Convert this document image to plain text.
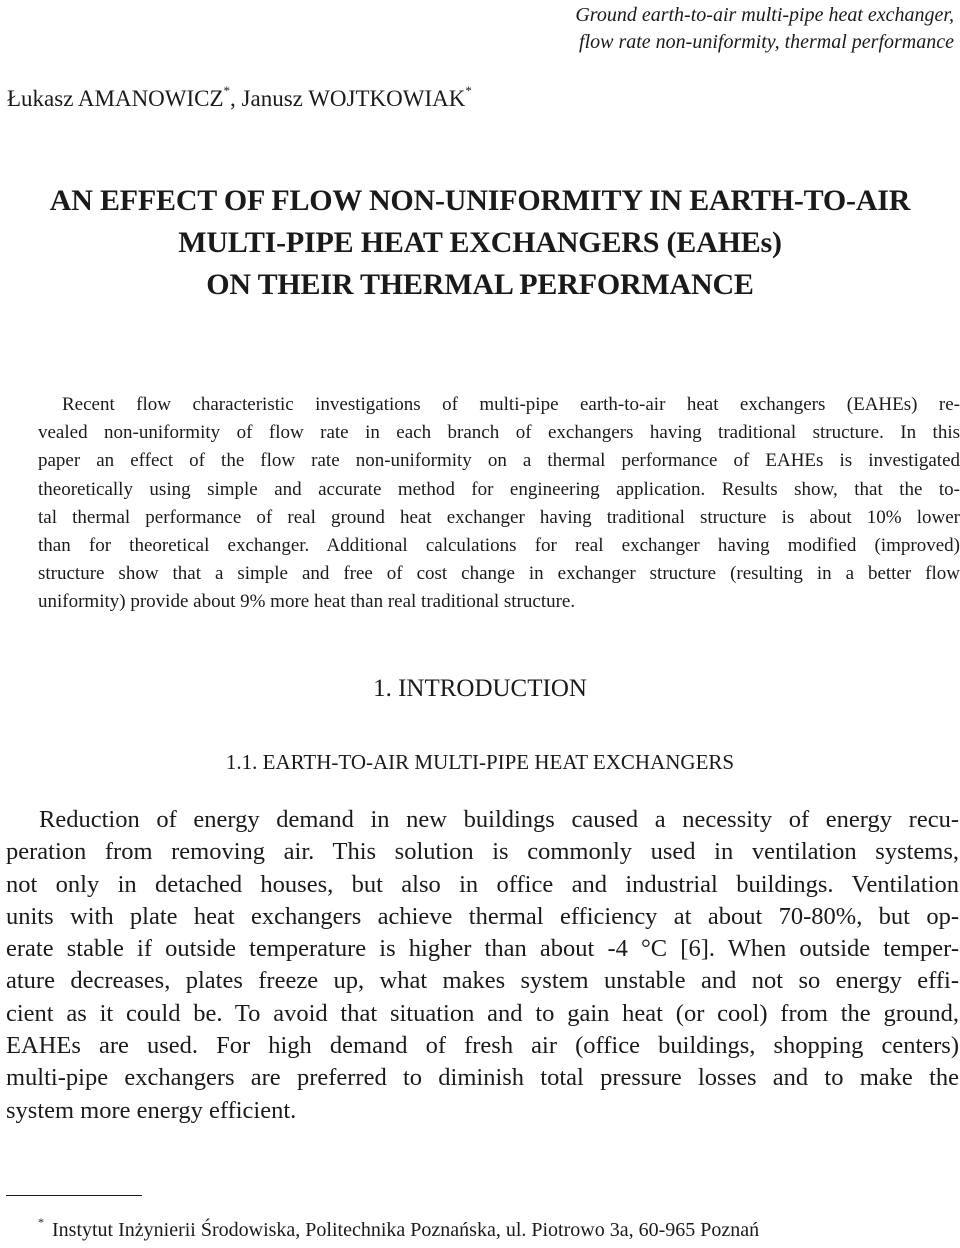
Ground earth-to-air multi-pipe heat exchanger,
flow rate non-uniformity, thermal performance
Łukasz AMANOWICZ*, Janusz WOJTKOWIAK*
AN EFFECT OF FLOW NON-UNIFORMITY IN EARTH-TO-AIR
MULTI-PIPE HEAT EXCHANGERS (EAHEs)
ON THEIR THERMAL PERFORMANCE
Recent flow characteristic investigations of multi-pipe earth-to-air heat exchangers (EAHEs) re-
vealed non-uniformity of flow rate in each branch of exchangers having traditional structure. In this
paper an effect of the flow rate non-uniformity on a thermal performance of EAHEs is investigated
theoretically using simple and accurate method for engineering application. Results show, that the to-
tal thermal performance of real ground heat exchanger having traditional structure is about 10% lower
than for theoretical exchanger. Additional calculations for real exchanger having modified (improved)
structure show that a simple and free of cost change in exchanger structure (resulting in a better flow
uniformity) provide about 9% more heat than real traditional structure.
1. INTRODUCTION
1.1. EARTH-TO-AIR MULTI-PIPE HEAT EXCHANGERS
Reduction of energy demand in new buildings caused a necessity of energy recu-
peration from removing air. This solution is commonly used in ventilation systems,
not only in detached houses, but also in office and industrial buildings. Ventilation
units with plate heat exchangers achieve thermal efficiency at about 70-80%, but op-
erate stable if outside temperature is higher than about -4 °C [6]. When outside temper-
ature decreases, plates freeze up, what makes system unstable and not so energy effi-
cient as it could be. To avoid that situation and to gain heat (or cool) from the ground,
EAHEs are used. For high demand of fresh air (office buildings, shopping centers)
multi-pipe exchangers are preferred to diminish total pressure losses and to make the
system more energy efficient.
* Instytut Inżynierii Środowiska, Politechnika Poznańska, ul. Piotrowo 3a, 60-965 Poznań
